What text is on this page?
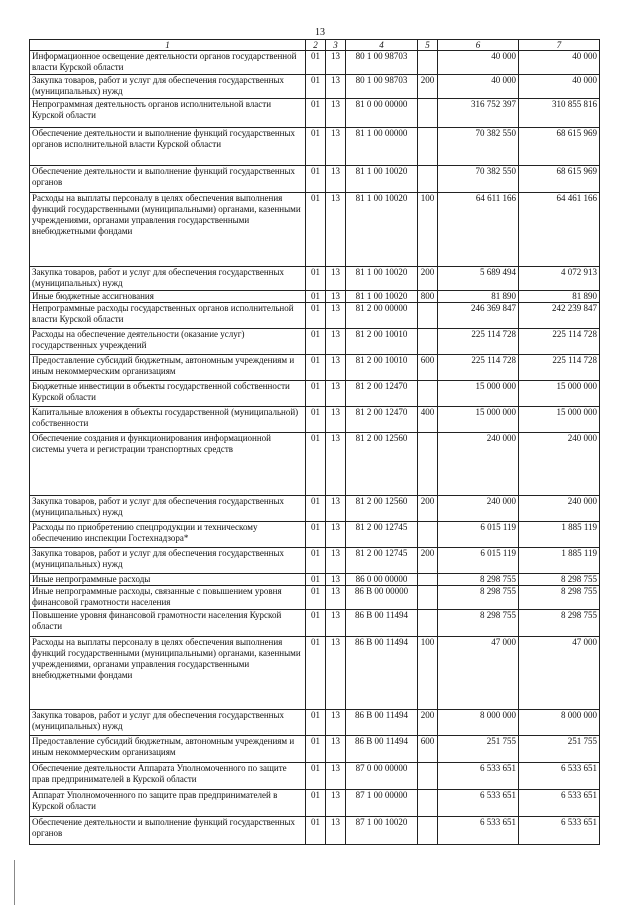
13
1	2	3	4	5	6	7
Информационное освещение деятельности органов государственной власти Курской области	01	13	80 1 00 98703		40 000	40 000
Закупка товаров, работ и услуг для обеспечения государственных (муниципальных) нужд	01	13	80 1 00 98703	200	40 000	40 000
Непрограммная деятельность органов исполнительной власти Курской области	01	13	81 0 00 00000		316 752 397	310 855 816
Обеспечение деятельности и выполнение функций государственных органов исполнительной власти Курской области	01	13	81 1 00 00000		70 382 550	68 615 969
Обеспечение деятельности и выполнение функций государственных органов	01	13	81 1 00 10020		70 382 550	68 615 969
Расходы на выплаты персоналу в целях обеспечения выполнения функций государственными (муниципальными) органами, казенными учреждениями, органами управления государственными внебюджетными фондами	01	13	81 1 00 10020	100	64 611 166	64 461 166
Закупка товаров, работ и услуг для обеспечения государственных (муниципальных) нужд	01	13	81 1 00 10020	200	5 689 494	4 072 913
Иные бюджетные ассигнования	01	13	81 1 00 10020	800	81 890	81 890
Непрограммные расходы государственных органов исполнительной власти Курской области	01	13	81 2 00 00000		246 369 847	242 239 847
Расходы на обеспечение деятельности (оказание услуг) государственных учреждений	01	13	81 2 00 10010		225 114 728	225 114 728
Предоставление субсидий бюджетным, автономным учреждениям и иным некоммерческим организациям	01	13	81 2 00 10010	600	225 114 728	225 114 728
Бюджетные инвестиции в объекты государственной собственности Курской области	01	13	81 2 00 12470		15 000 000	15 000 000
Капитальные вложения в объекты государственной (муниципальной) собственности	01	13	81 2 00 12470	400	15 000 000	15 000 000
Обеспечение создания и функционирования информационной системы учета и регистрации транспортных средств	01	13	81 2 00 12560		240 000	240 000
Закупка товаров, работ и услуг для обеспечения государственных (муниципальных) нужд	01	13	81 2 00 12560	200	240 000	240 000
Расходы по приобретению спецпродукции и техническому обеспечению инспекции Гостехнадзора*	01	13	81 2 00 12745		6 015 119	1 885 119
Закупка товаров, работ и услуг для обеспечения государственных (муниципальных) нужд	01	13	81 2 00 12745	200	6 015 119	1 885 119
Иные непрограммные расходы	01	13	86 0 00 00000		8 298 755	8 298 755
Иные непрограммные расходы, связанные с повышением уровня финансовой грамотности населения	01	13	86 В 00 00000		8 298 755	8 298 755
Повышение уровня финансовой грамотности населения Курской области	01	13	86 В 00 11494		8 298 755	8 298 755
Расходы на выплаты персоналу в целях обеспечения выполнения функций государственными (муниципальными) органами, казенными учреждениями, органами управления государственными внебюджетными фондами	01	13	86 В 00 11494	100	47 000	47 000
Закупка товаров, работ и услуг для обеспечения государственных (муниципальных) нужд	01	13	86 В 00 11494	200	8 000 000	8 000 000
Предоставление субсидий бюджетным, автономным учреждениям и иным некоммерческим организациям	01	13	86 В 00 11494	600	251 755	251 755
Обеспечение деятельности Аппарата Уполномоченного по защите прав предпринимателей в Курской области	01	13	87 0 00 00000		6 533 651	6 533 651
Аппарат Уполномоченного по защите прав предпринимателей в Курской области	01	13	87 1 00 00000		6 533 651	6 533 651
Обеспечение деятельности и выполнение функций государственных органов	01	13	87 1 00 10020		6 533 651	6 533 651
